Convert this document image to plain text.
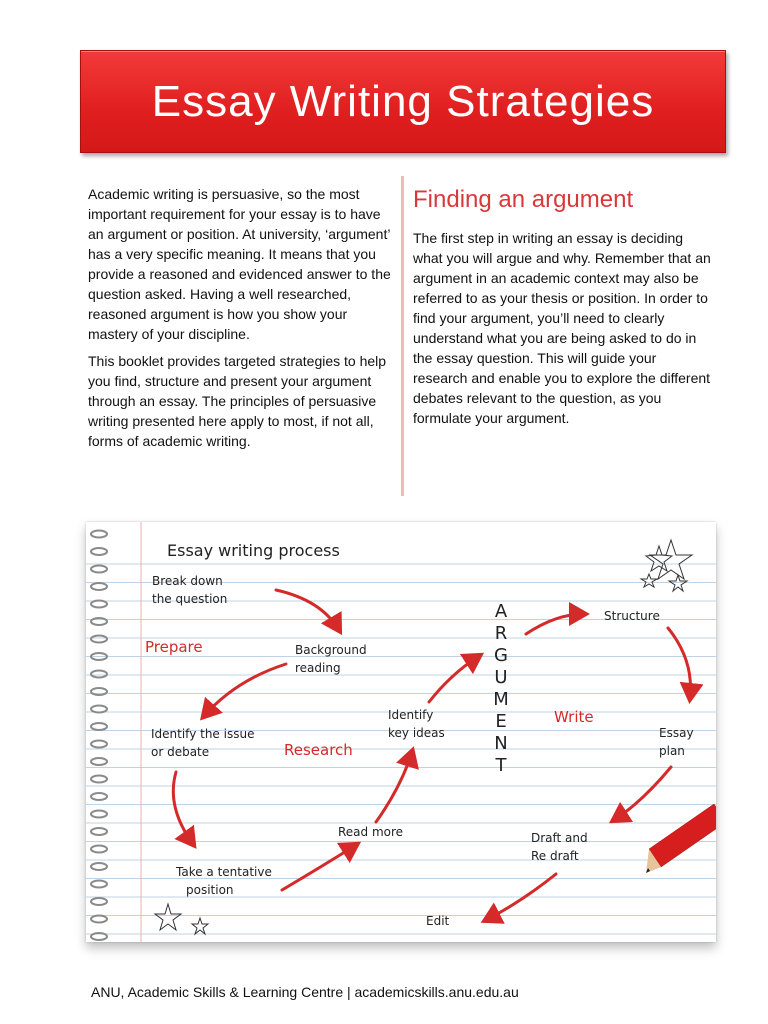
Essay Writing Strategies

Academic writing is persuasive, so the most important requirement for your essay is to have an argument or position. At university, ‘argument’ has a very specific meaning. It means that you provide a reasoned and evidenced answer to the question asked. Having a well researched, reasoned argument is how you show your mastery of your discipline.

This booklet provides targeted strategies to help you find, structure and present your argument through an essay. The principles of persuasive writing presented here apply to most, if not all, forms of academic writing.

Finding an argument

The first step in writing an essay is deciding what you will argue and why. Remember that an argument in an academic context may also be referred to as your thesis or position. In order to find your argument, you’ll need to clearly understand what you are being asked to do in the essay question. This will guide your research and enable you to explore the different debates relevant to the question, as you formulate your argument.

Essay writing process
Break down
the question
Prepare	Background
reading
Identify the issue
or debate	Research
Identify
key ideas
A
R
G
U
M
E
N
T
Structure
Write
Essay
plan
Read more
Take a tentative
position
Draft and
Re draft
Edit
ANU, Academic Skills & Learning Centre | academicskills.anu.edu.au
